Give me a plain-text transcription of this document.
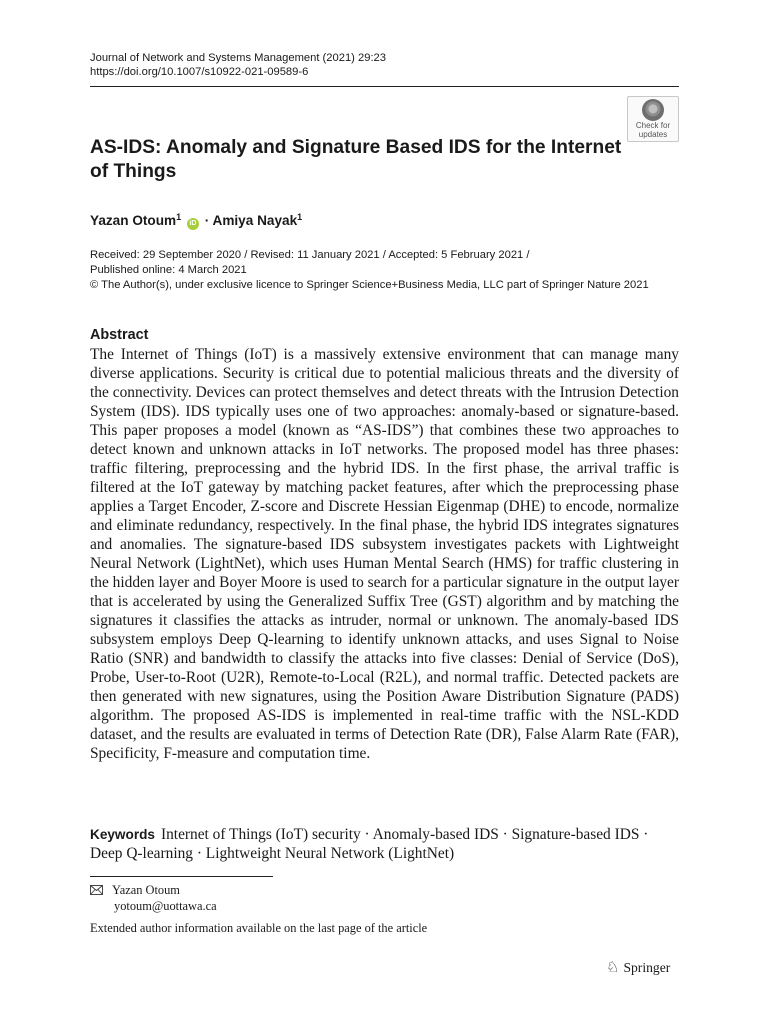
Journal of Network and Systems Management (2021) 29:23
https://doi.org/10.1007/s10922-021-09589-6
Check for
updates
AS-IDS: Anomaly and Signature Based IDS for the Internet of Things
Yazan Otoum$^1$ iD · Amiya Nayak$^1$
Received: 29 September 2020 / Revised: 11 January 2021 / Accepted: 5 February 2021 /
Published online: 4 March 2021
© The Author(s), under exclusive licence to Springer Science+Business Media, LLC part of Springer Nature 2021
Abstract
The Internet of Things (IoT) is a massively extensive environment that can manage many diverse applications. Security is critical due to potential malicious threats and the diversity of the connectivity. Devices can protect themselves and detect threats with the Intrusion Detection System (IDS). IDS typically uses one of two approaches: anomaly-based or signature-based. This paper proposes a model (known as “AS-IDS”) that combines these two approaches to detect known and unknown attacks in IoT networks. The proposed model has three phases: traffic filtering, preprocessing and the hybrid IDS. In the first phase, the arrival traffic is filtered at the IoT gateway by matching packet features, after which the preprocessing phase applies a Target Encoder, Z-score and Discrete Hessian Eigenmap (DHE) to encode, normalize and eliminate redundancy, respectively. In the final phase, the hybrid IDS integrates signatures and anomalies. The signature-based IDS subsystem investigates packets with Lightweight Neural Network (LightNet), which uses Human Mental Search (HMS) for traffic clustering in the hidden layer and Boyer Moore is used to search for a particular signature in the output layer that is accelerated by using the Generalized Suffix Tree (GST) algorithm and by matching the signatures it classifies the attacks as intruder, normal or unknown. The anomaly-based IDS subsystem employs Deep Q-learning to identify unknown attacks, and uses Signal to Noise Ratio (SNR) and bandwidth to classify the attacks into five classes: Denial of Service (DoS), Probe, User-to-Root (U2R), Remote-to-Local (R2L), and normal traffic. Detected packets are then generated with new signatures, using the Position Aware Distribution Signature (PADS) algorithm. The proposed AS-IDS is implemented in real-time traffic with the NSL-KDD dataset, and the results are evaluated in terms of Detection Rate (DR), False Alarm Rate (FAR), Specificity, F-measure and computation time.
Keywords Internet of Things (IoT) security · Anomaly-based IDS · Signature-based IDS · Deep Q-learning · Lightweight Neural Network (LightNet)
Yazan Otoum
yotoum@uottawa.ca
Extended author information available on the last page of the article
♘ Springer
